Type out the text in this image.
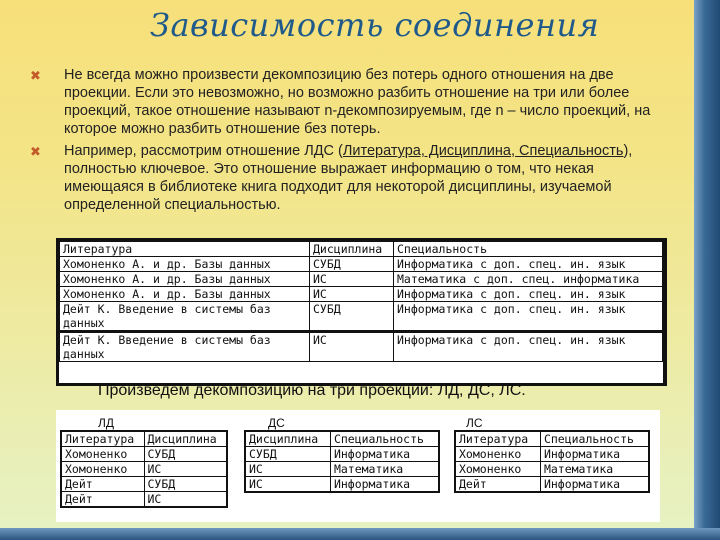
Зависимость соединения
✖	Не всегда можно произвести декомпозицию без потерь одного отношения на две проекции. Если это невозможно, но возможно разбить отношение на три или более проекций, такое отношение называют n-декомпозируемым, где n – число проекций, на которое можно разбить отношение без потерь.
✖	Например, рассмотрим отношение ЛДС (Литература, Дисциплина, Специальность), полностью ключевое. Это отношение выражает информацию о том, что некая имеющаяся в библиотеке книга подходит для некоторой дисциплины, изучаемой определенной специальностью.
Литература	Дисциплина	Специальность
Хомоненко А. и др. Базы данных	СУБД	Информатика с доп. спец. ин. язык
Хомоненко А. и др. Базы данных	ИС	Математика с доп. спец. информатика
Хомоненко А. и др. Базы данных	ИС	Информатика с доп. спец. ин. язык
Дейт К. Введение в системы баз данных	СУБД	Информатика с доп. спец. ин. язык
Дейт К. Введение в системы баз данных	ИС	Информатика с доп. спец. ин. язык
Произведем декомпозицию на три проекции: ЛД, ДС, ЛС.
ЛД
Литература	Дисциплина
Хомоненко	СУБД
Хомоненко	ИС
Дейт	СУБД
Дейт	ИС
ДС
Дисциплина	Специальность
СУБД	Информатика
ИС	Математика
ИС	Информатика
ЛС
Литература	Специальность
Хомоненко	Информатика
Хомоненко	Математика
Дейт	Информатика
